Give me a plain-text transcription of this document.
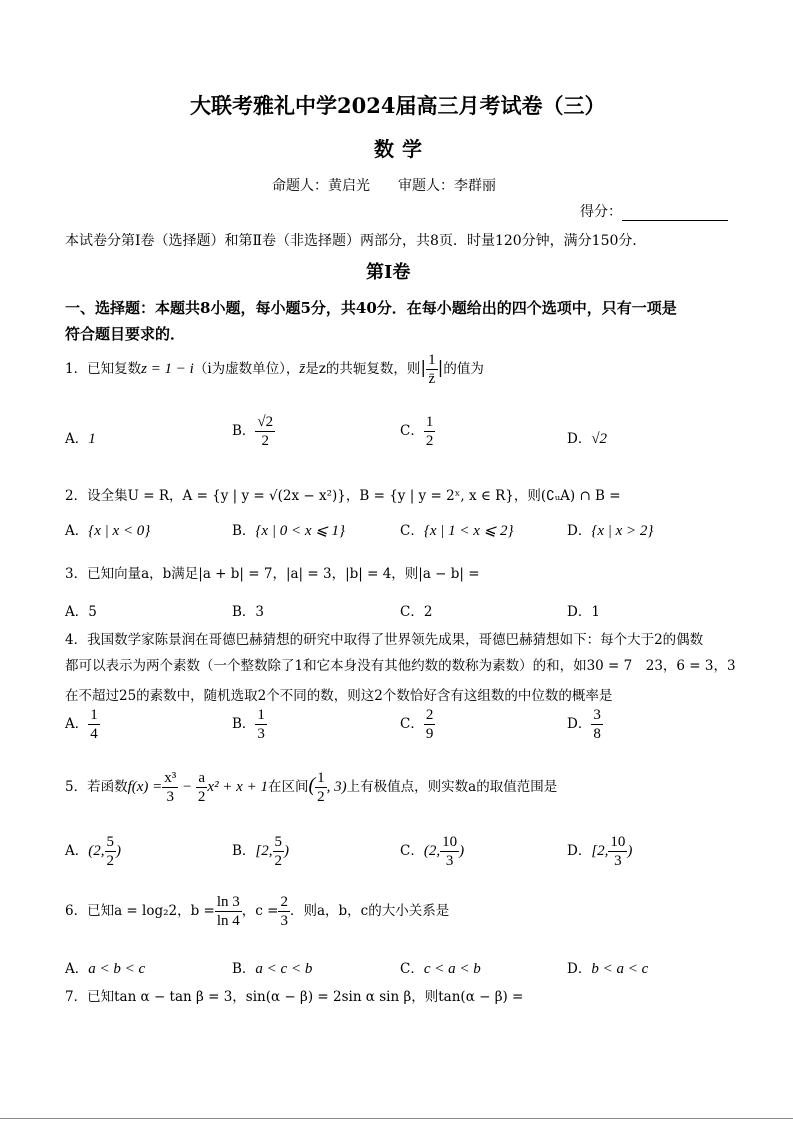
大联考雅礼中学2024届高三月考试卷（三）
数学
命题人：黄启光　　审题人：李群丽
得分：
本试卷分第Ⅰ卷（选择题）和第Ⅱ卷（非选择题）两部分，共8页．时量120分钟，满分150分．
第Ⅰ卷
一、选择题：本题共8小题，每小题5分，共40分．在每小题给出的四个选项中，只有一项是
符合题目要求的．
1．已知复数z = 1 − i（i为虚数单位），z̄是z的共轭复数，则| $\frac{1}{z̄}$ |的值为
A．1	B． $\frac{√2}{2}$	C． $\frac{1}{2}$	D．√2
2．设全集U = R，A = {y | y = √(2x − x²)}，B = {y | y = 2ˣ, x ∈ R}，则(∁ᵤA) ∩ B =
A．{x | x < 0}	B．{x | 0 < x ⩽ 1}	C．{x | 1 < x ⩽ 2}	D．{x | x > 2}
3．已知向量a，b满足|a + b| = 7，|a| = 3，|b| = 4，则|a − b| =
A．5	B．3	C．2	D．1
4．我国数学家陈景润在哥德巴赫猜想的研究中取得了世界领先成果，哥德巴赫猜想如下：每个大于2的偶数
都可以表示为两个素数（一个整数除了1和它本身没有其他约数的数称为素数）的和，如30 = 7　23，6 = 3，3
在不超过25的素数中，随机选取2个不同的数，则这2个数恰好含有这组数的中位数的概率是
A． $\frac{1}{4}$	B． $\frac{1}{3}$	C． $\frac{2}{9}$	D． $\frac{3}{8}$
5．若函数$f(x) = \frac{\text{x³}}{3} - \frac{a}{2} x^2 + x + 1$在区间( $\frac{1}{2}$ , 3)上有极值点，则实数a的取值范围是
A．(2, $\frac{5}{2}$ )	B．[2, $\frac{5}{2}$ )	C．(2, $\frac{10}{3}$ )	D．[2, $\frac{10}{3}$ )
6．已知a = log₂2，$b = \frac{\ln 3}{\ln 4}$ ，$c = \frac{2}{3}$ ．则a，b，c的大小关系是
A．a < b < c	B．a < c < b	C．c < a < b	D．b < a < c
7．已知tan α − tan β = 3，sin(α − β) = 2sin α sin β，则tan(α − β) =
